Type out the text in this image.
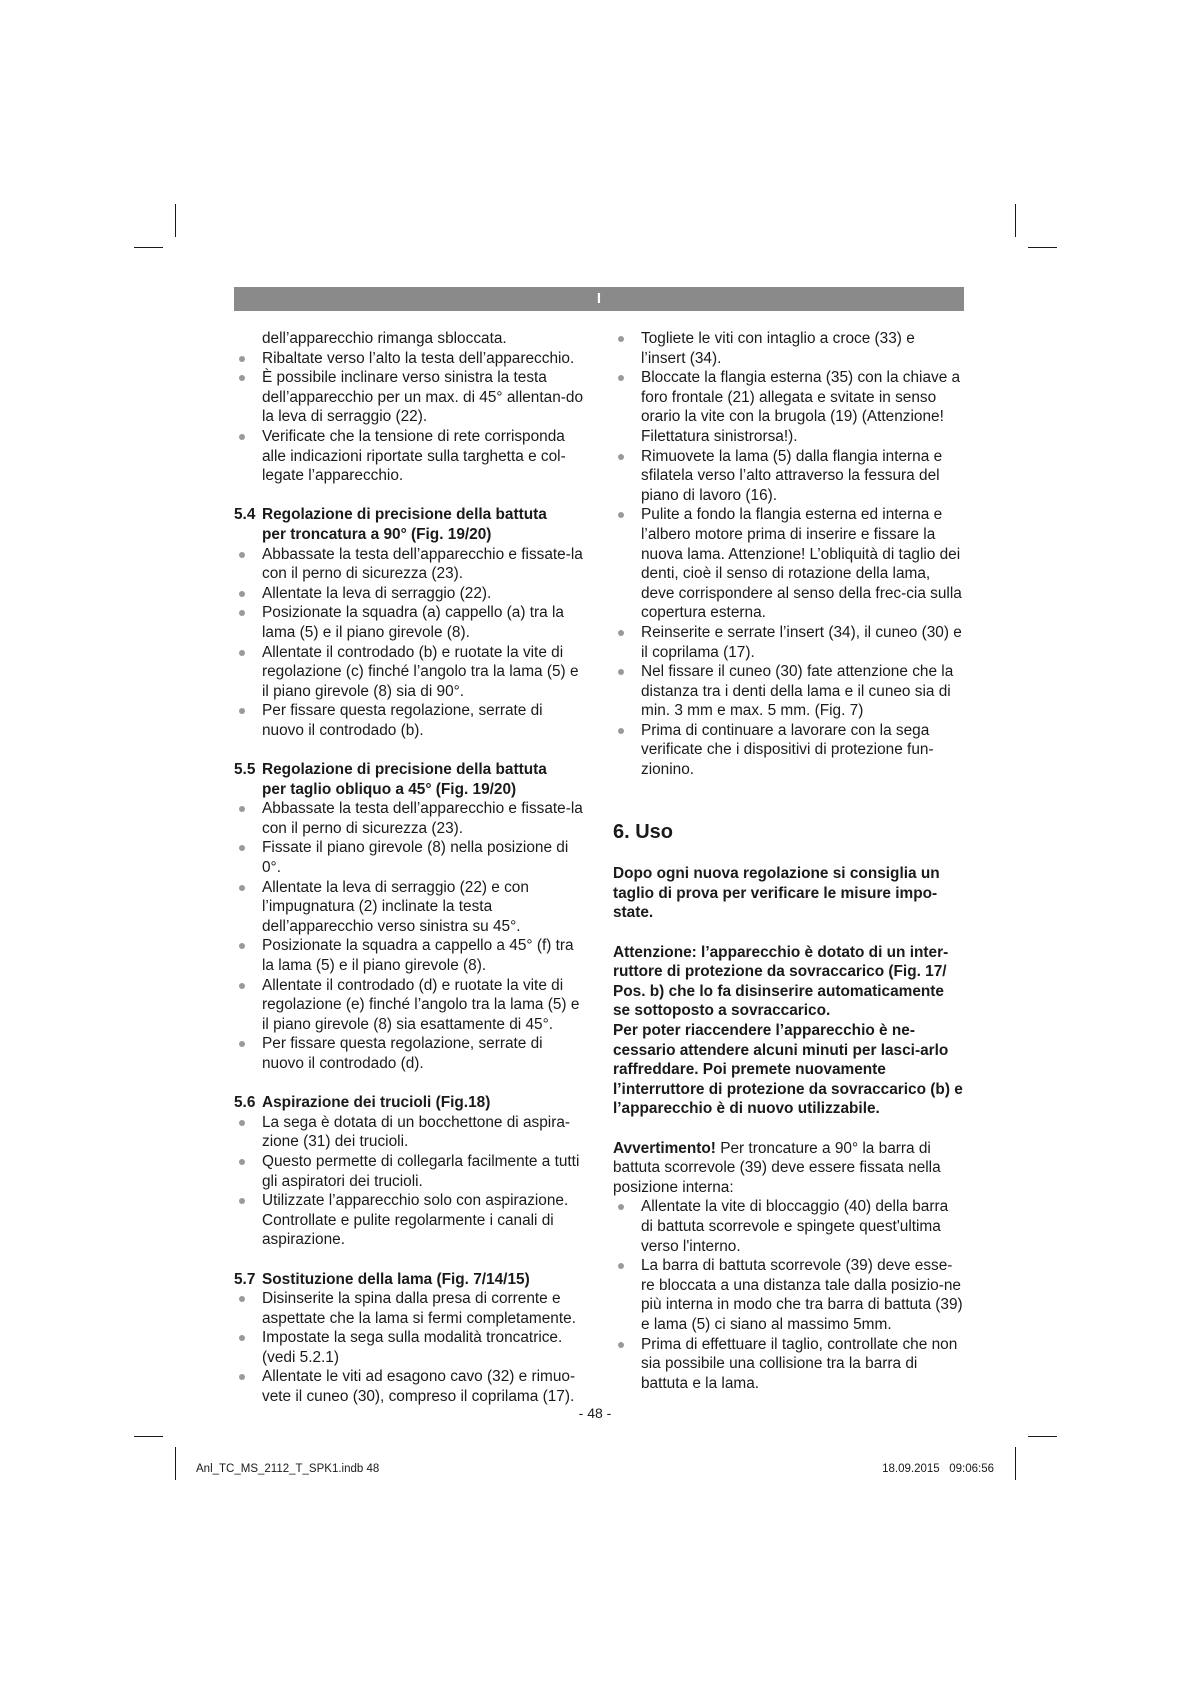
I

dell’apparecchio rimanga sbloccata.

Ribaltate verso l’alto la testa dell’apparecchio.
È possibile inclinare verso sinistra la testa dell’apparecchio per un max. di 45° allentan-do la leva di serraggio (22).
Verificate che la tensione di rete corrisponda alle indicazioni riportate sulla targhetta e col-legate l’apparecchio.
5.4 Regolazione di precisione della battuta
per troncatura a 90° (Fig. 19/20)
Abbassate la testa dell’apparecchio e fissate-la con il perno di sicurezza (23).
Allentate la leva di serraggio (22).
Posizionate la squadra (a) cappello (a) tra la lama (5) e il piano girevole (8).
Allentate il controdado (b) e ruotate la vite di regolazione (c) finché l’angolo tra la lama (5) e il piano girevole (8) sia di 90°.
Per fissare questa regolazione, serrate di nuovo il controdado (b).
5.5 Regolazione di precisione della battuta
per taglio obliquo a 45° (Fig. 19/20)
Abbassate la testa dell’apparecchio e fissate-la con il perno di sicurezza (23).
Fissate il piano girevole (8) nella posizione di 0°.
Allentate la leva di serraggio (22) e con l’impugnatura (2) inclinate la testa dell’apparecchio verso sinistra su 45°.
Posizionate la squadra a cappello a 45° (f) tra la lama (5) e il piano girevole (8).
Allentate il controdado (d) e ruotate la vite di regolazione (e) finché l’angolo tra la lama (5) e il piano girevole (8) sia esattamente di 45°.
Per fissare questa regolazione, serrate di nuovo il controdado (d).
5.6 Aspirazione dei trucioli (Fig.18)
La sega è dotata di un bocchettone di aspira-zione (31) dei trucioli.
Questo permette di collegarla facilmente a tutti gli aspiratori dei trucioli.
Utilizzate l’apparecchio solo con aspirazione. Controllate e pulite regolarmente i canali di aspirazione.
5.7 Sostituzione della lama (Fig. 7/14/15)
Disinserite la spina dalla presa di corrente e aspettate che la lama si fermi completamente.
Impostate la sega sulla modalità troncatrice. (vedi 5.2.1)
Allentate le viti ad esagono cavo (32) e rimuo-vete il cuneo (30), compreso il coprilama (17).
Togliete le viti con intaglio a croce (33) e l’insert (34).
Bloccate la flangia esterna (35) con la chiave a foro frontale (21) allegata e svitate in senso orario la vite con la brugola (19) (Attenzione! Filettatura sinistrorsa!).
Rimuovete la lama (5) dalla flangia interna e sfilatela verso l’alto attraverso la fessura del piano di lavoro (16).
Pulite a fondo la flangia esterna ed interna e l’albero motore prima di inserire e fissare la nuova lama. Attenzione! L’obliquità di taglio dei denti, cioè il senso di rotazione della lama, deve corrispondere al senso della frec-cia sulla copertura esterna.
Reinserite e serrate l’insert (34), il cuneo (30) e il coprilama (17).
Nel fissare il cuneo (30) fate attenzione che la distanza tra i denti della lama e il cuneo sia di min. 3 mm e max. 5 mm. (Fig. 7)
Prima di continuare a lavorare con la sega verificate che i dispositivi di protezione fun-zionino.
6. Uso

Dopo ogni nuova regolazione si consiglia un taglio di prova per verificare le misure impo-state.

Attenzione: l’apparecchio è dotato di un inter-ruttore di protezione da sovraccarico (Fig. 17/ Pos. b) che lo fa disinserire automaticamente se sottoposto a sovraccarico.

Per poter riaccendere l’apparecchio è ne-cessario attendere alcuni minuti per lasci-arlo raffreddare. Poi premete nuovamente l’interruttore di protezione da sovraccarico (b) e l’apparecchio è di nuovo utilizzabile.

Avvertimento! Per troncature a 90° la barra di battuta scorrevole (39) deve essere fissata nella posizione interna:

Allentate la vite di bloccaggio (40) della barra di battuta scorrevole e spingete quest'ultima verso l'interno.
La barra di battuta scorrevole (39) deve esse-re bloccata a una distanza tale dalla posizio-ne più interna in modo che tra barra di battuta (39) e lama (5) ci siano al massimo 5mm.
Prima di effettuare il taglio, controllate che non sia possibile una collisione tra la barra di battuta e la lama.
- 48 -
Anl_TC_MS_2112_T_SPK1.indb 48	18.09.2015   09:06:56
